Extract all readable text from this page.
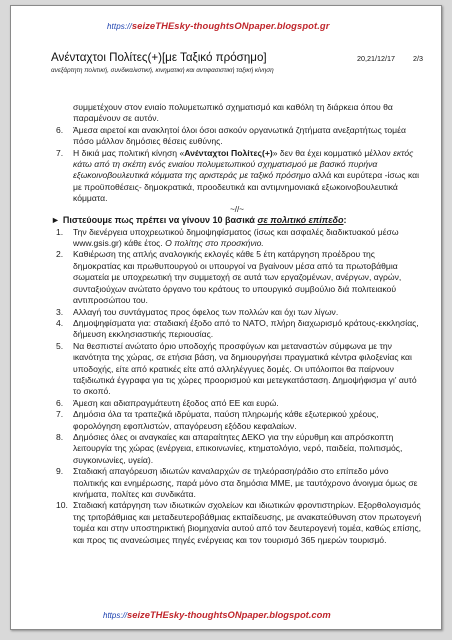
https://seizeTHEsky-thoughtsONpaper.blogspot.gr
Ανένταχτοι Πολίτες(+)[με Ταξικό πρόσημο]	20,21/12/17	2/3
ανεξάρτητη πολιτική, συνδικαλιστική, κινηματική και αντιφασιστική ταξική κίνηση

συμμετέχουν στον ενιαίο πολυμετωπικό σχηματισμό και καθόλη τη διάρκεια όπου θα παραμένουν σε αυτόν.

6. Άμεσα αιρετοί και ανακλητοί όλοι όσοι ασκούν οργανωτικά ζητήματα ανεξαρτήτως τομέα πόσο μάλλον δημόσιες θέσεις ευθύνης.

7. Η δικιά μας πολιτική κίνηση «Ανένταχτοι Πολίτες(+)» δεν θα έχει κομματικό μέλλον εκτός κάτω από τη σκέπη ενός ενιαίου πολυμετωπικού σχηματισμού με βασικό πυρήνα εξωκοινοβουλευτικά κόμματα της αριστεράς με ταξικό πρόσημο αλλά και ευρύτερα -ίσως και με προϋποθέσεις- δημοκρατικά, προοδευτικά και αντιμνημονιακά εξωκοινοβουλευτικά κόμματα.

~//~

► Πιστεύουμε πως πρέπει να γίνουν 10 βασικά σε πολιτικό επίπεδο:

1. Την διενέργεια υποχρεωτικού δημοψηφίσματος (ίσως και ασφαλές διαδικτυακού μέσω www.gsis.gr) κάθε έτος. Ο πολίτης στο προσκήνιο.

2. Καθιέρωση της απλής αναλογικής εκλογές κάθε 5 έτη κατάργηση προέδρου της δημοκρατίας και πρωθυπουργού οι υπουργοί να βγαίνουν μέσα από τα πρωτοβάθμια σωματεία με υποχρεωτική την συμμετοχή σε αυτά των εργαζομένων, ανέργων, αγρών, συνταξιούχων ανώτατο όργανο του κράτους το υπουργικό συμβούλιο διά πολιτειακού αντιπροσώπου του.

3. Αλλαγή του συντάγματος προς όφελος των πολλών και όχι των λίγων.

4. Δημοψηφίσματα για: σταδιακή έξοδο από το ΝΑΤΟ, πλήρη διαχωρισμό κράτους-εκκλησίας, δήμευση εκκλησιαστικής περιουσίας.

5. Να θεσπιστεί ανώτατο όριο υποδοχής προσφύγων και μεταναστών σύμφωνα με την ικανότητα της χώρας, σε ετήσια βάση, να δημιουργήσει πραγματικά κέντρα φιλοξενίας και υποδοχής, είτε από κρατικές είτε από αλληλέγγυες δομές. Οι υπόλοιποι θα παίρνουν ταξιδιωτικά έγγραφα για τις χώρες προορισμού και μετεγκατάσταση. Δημοψήφισμα γι' αυτό το σκοπό.

6. Άμεση και αδιαπραγμάτευτη έξοδος από ΕΕ και ευρώ.

7. Δημόσια όλα τα τραπεζικά ιδρύματα, παύση πληρωμής κάθε εξωτερικού χρέους, φορολόγηση εφοπλιστών, απαγόρευση εξόδου κεφαλαίων.

8. Δημόσιες όλες οι αναγκαίες και απαραίτητες ΔΕΚΟ για την εύρυθμη και απρόσκοπτη λειτουργία της χώρας (ενέργεια, επικοινωνίες, κτηματολόγιο, νερό, παιδεία, πολιτισμός, συγκοινωνίες, υγεία).

9. Σταδιακή απαγόρευση ιδιωτών καναλαρχών σε τηλεόραση/ράδιο στο επίπεδο μόνο πολιτικής και ενημέρωσης, παρά μόνο στα δημόσια ΜΜΕ, με ταυτόχρονο άνοιγμα όμως σε κινήματα, πολίτες και συνδικάτα.

10. Σταδιακή κατάργηση των ιδιωτικών σχολείων και ιδιωτικών φροντιστηρίων. Εξορθολογισμός της τριτοβάθμιας και μεταδευτεροβάθμιας εκπαίδευσης, με ανακατεύθυνση στον πρωτογενή τομέα και στην υποστηρικτική βιομηχανία αυτού από τον δευτερογενή τομέα, καθώς επίσης, και προς τις ανανεώσιμες πηγές ενέργειας και τον τουρισμό 365 ημερών τουρισμό.

https://seizeTHEsky-thoughtsONpaper.blogspot.com
